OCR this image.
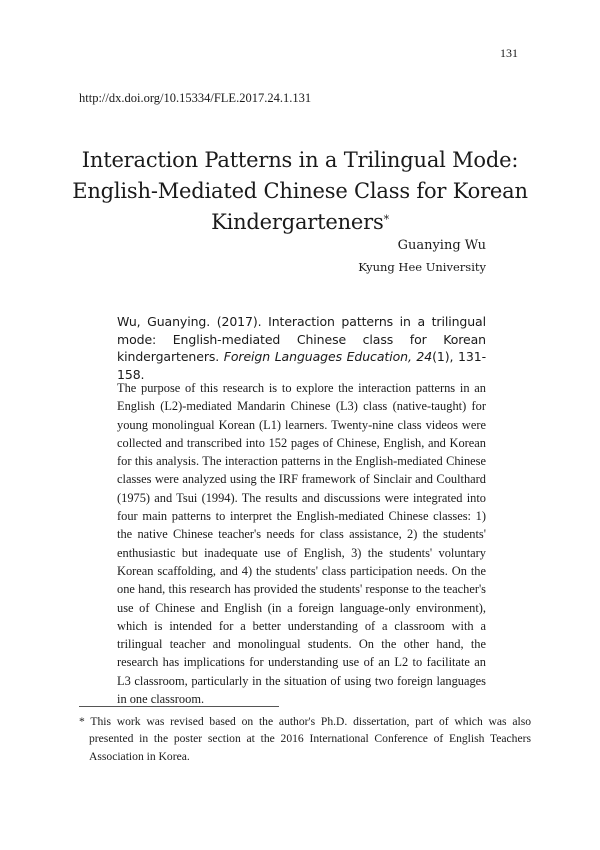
131
http://dx.doi.org/10.15334/FLE.2017.24.1.131
Interaction Patterns in a Trilingual Mode: English-Mediated Chinese Class for Korean Kindergarteners*
Guanying Wu
Kyung Hee University

Wu, Guanying. (2017). Interaction patterns in a trilingual mode: English-mediated Chinese class for Korean kindergarteners. Foreign Languages Education, 24(1), 131-158.

The purpose of this research is to explore the interaction patterns in an English (L2)-mediated Mandarin Chinese (L3) class (native-taught) for young monolingual Korean (L1) learners. Twenty-nine class videos were collected and transcribed into 152 pages of Chinese, English, and Korean for this analysis. The interaction patterns in the English-mediated Chinese classes were analyzed using the IRF framework of Sinclair and Coulthard (1975) and Tsui (1994). The results and discussions were integrated into four main patterns to interpret the English-mediated Chinese classes: 1) the native Chinese teacher's needs for class assistance, 2) the students' enthusiastic but inadequate use of English, 3) the students' voluntary Korean scaffolding, and 4) the students' class participation needs. On the one hand, this research has provided the students' response to the teacher's use of Chinese and English (in a foreign language-only environment), which is intended for a better understanding of a classroom with a trilingual teacher and monolingual students. On the other hand, the research has implications for understanding use of an L2 to facilitate an L3 classroom, particularly in the situation of using two foreign languages in one classroom.

* This work was revised based on the author's Ph.D. dissertation, part of which was also presented in the poster section at the 2016 International Conference of English Teachers Association in Korea.
